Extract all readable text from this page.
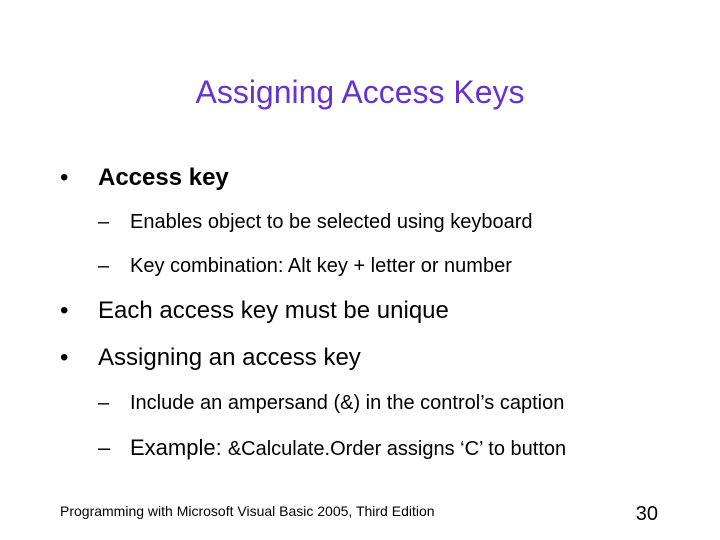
Assigning Access Keys
•	Access key
– Enables object to be selected using keyboard
– Key combination: Alt key + letter or number
•	Each access key must be unique
•	Assigning an access key
– Include an ampersand (&) in the control’s caption
– Example: &Calculate.Order assigns ‘C’ to button
Programming with Microsoft Visual Basic 2005, Third Edition	30
